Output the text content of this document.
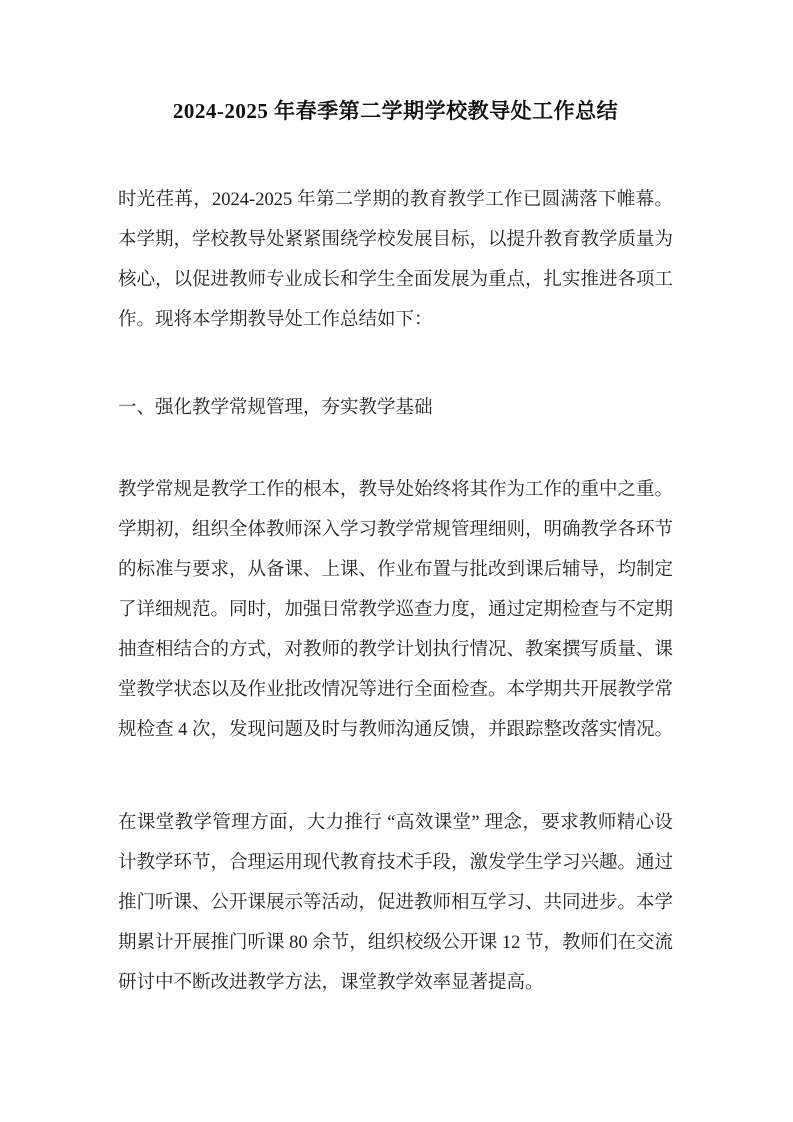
2024-2025 年春季第二学期学校教导处工作总结

时光荏苒，2024-2025 年第二学期的教育教学工作已圆满落下帷幕。本学期，学校教导处紧紧围绕学校发展目标，以提升教育教学质量为核心，以促进教师专业成长和学生全面发展为重点，扎实推进各项工作。现将本学期教导处工作总结如下：

一、强化教学常规管理，夯实教学基础

教学常规是教学工作的根本，教导处始终将其作为工作的重中之重。学期初，组织全体教师深入学习教学常规管理细则，明确教学各环节的标准与要求，从备课、上课、作业布置与批改到课后辅导，均制定了详细规范。同时，加强日常教学巡查力度，通过定期检查与不定期抽查相结合的方式，对教师的教学计划执行情况、教案撰写质量、课堂教学状态以及作业批改情况等进行全面检查。本学期共开展教学常规检查 4 次，发现问题及时与教师沟通反馈，并跟踪整改落实情况。

在课堂教学管理方面，大力推行 “高效课堂” 理念，要求教师精心设计教学环节，合理运用现代教育技术手段，激发学生学习兴趣。通过推门听课、公开课展示等活动，促进教师相互学习、共同进步。本学期累计开展推门听课 80 余节，组织校级公开课 12 节，教师们在交流研讨中不断改进教学方法，课堂教学效率显著提高。
